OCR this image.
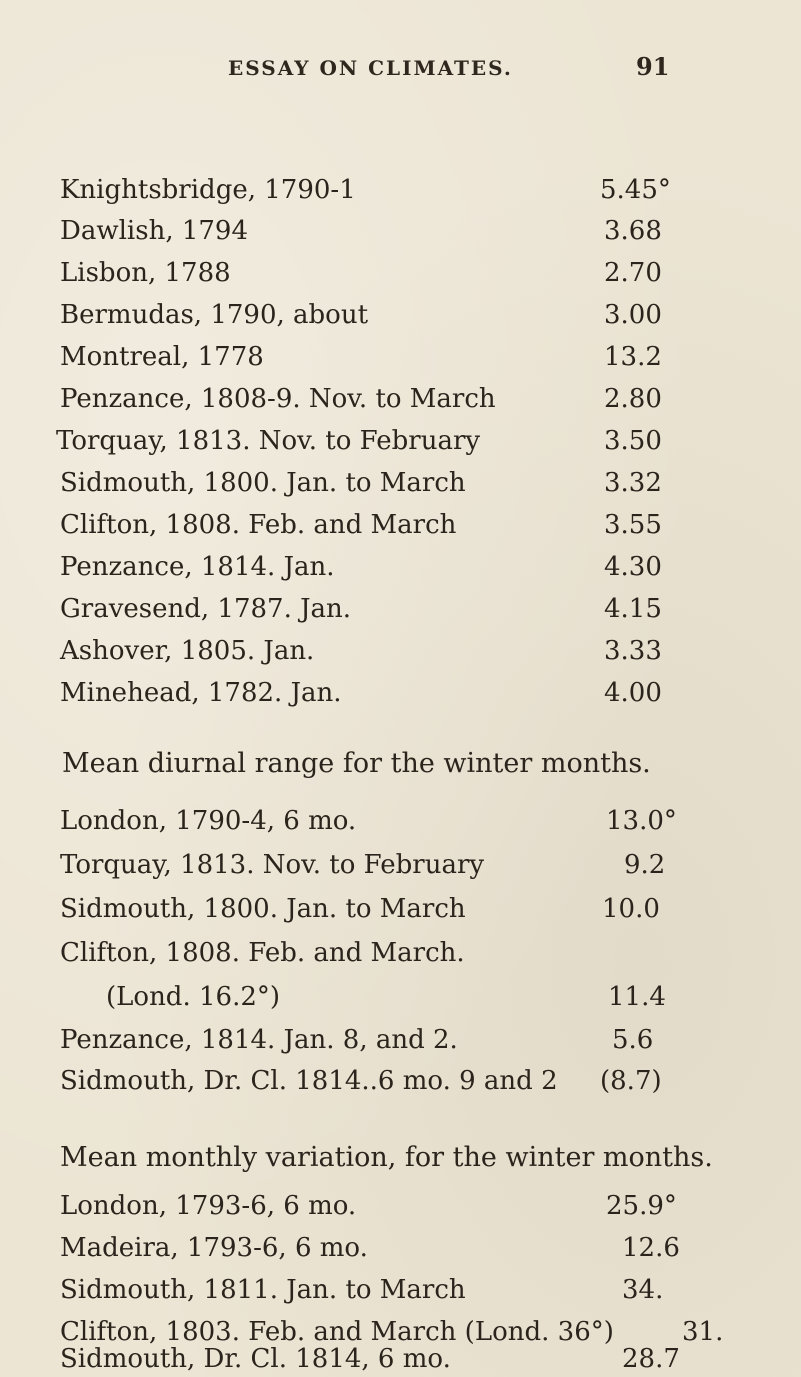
ESSAY ON CLIMATES.	91
Knightsbridge, 1790-1	5.45°
Dawlish, 1794	3.68
Lisbon, 1788	2.70
Bermudas, 1790, about	3.00
Montreal, 1778	13.2
Penzance, 1808-9. Nov. to March	2.80
Torquay, 1813. Nov. to February	3.50
Sidmouth, 1800. Jan. to March	3.32
Clifton, 1808. Feb. and March	3.55
Penzance, 1814. Jan.	4.30
Gravesend, 1787. Jan.	4.15
Ashover, 1805. Jan.	3.33
Minehead, 1782. Jan.	4.00
Mean diurnal range for the winter months.
London, 1790-4, 6 mo.	13.0°
Torquay, 1813. Nov. to February	9.2
Sidmouth, 1800. Jan. to March	10.0
Clifton, 1808. Feb. and March.
(Lond. 16.2°)	11.4
Penzance, 1814. Jan. 8, and 2.	5.6
Sidmouth, Dr. Cl. 1814..6 mo. 9 and 2 (8.7)
Mean monthly variation, for the winter months.
London, 1793-6, 6 mo.	25.9°
Madeira, 1793-6, 6 mo.	12.6
Sidmouth, 1811. Jan. to March	34.
Clifton, 1803. Feb. and March (Lond. 36°)	31.
Sidmouth, Dr. Cl. 1814, 6 mo.	28.7
